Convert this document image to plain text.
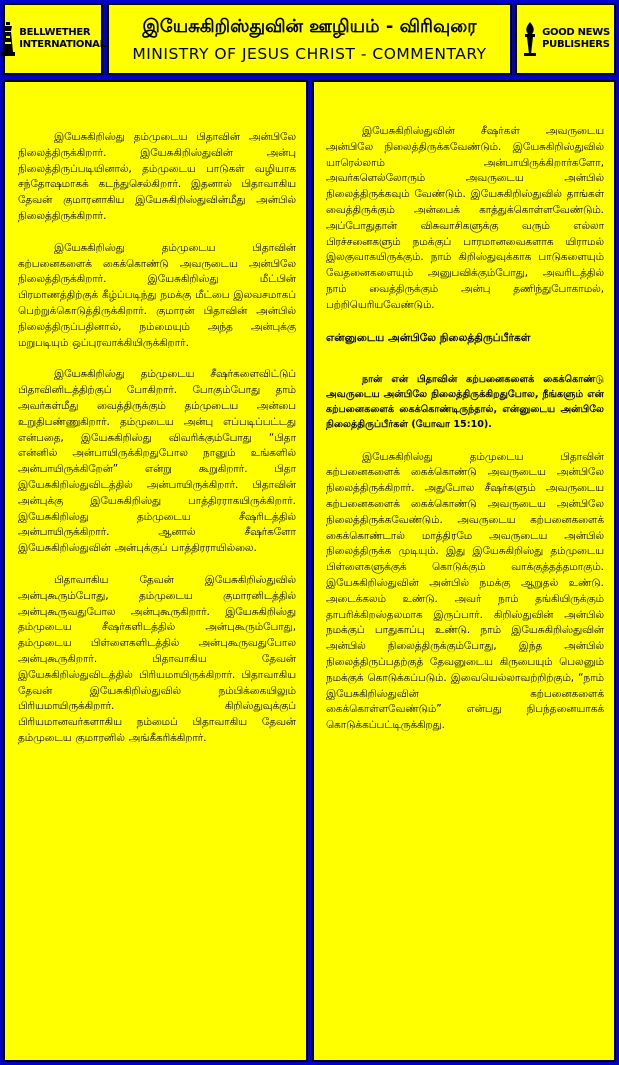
BELLWETHER
INTERNATIONAL
இயேசுகிறிஸ்துவின் ஊழியம் - விரிவுரை
MINISTRY OF JESUS CHRIST - COMMENTARY
GOOD NEWS
PUBLISHERS

இயேசுகிறிஸ்து தம்முடைய பிதாவின் அன்பிலே நிலைத்திருக்கிறார். இயேசுகிறிஸ்துவின் அன்பு நிலைத்திருப்படியினால், தம்முடைய பாடுகள் வழியாக சந்தோஷமாகக் கடந்துசெல்கிறார். இதனால் பிதாவாகிய தேவன் குமாரனாகிய இயேசுகிறிஸ்துவின்மீது அன்பில் நிலைத்திருக்கிறார்.

இயேசுகிறிஸ்து தம்முடைய பிதாவின் கற்பனைகளைக் கைக்கொண்டு அவருடைய அன்பிலே நிலைத்திருக்கிறார். இயேசுகிறிஸ்து மீட்பின் பிரமாணத்திற்குக் கீழ்ப்படிந்து நமக்கு மீட்பை இலவசமாகப் பெற்றுக்கொடுத்திருக்கிறார். குமாரன் பிதாவின் அன்பில் நிலைத்திருப்பதினால், நம்மையும் அந்த அன்புக்கு மறுபடியும் ஒப்புரவாக்கியிருக்கிறார்.

இயேசுகிறிஸ்து தம்முடைய சீஷர்களைவிட்டுப் பிதாவினிடத்திற்குப் போகிறார். போகும்போது தாம் அவர்கள்மீது வைத்திருக்கும் தம்முடைய அன்பை உறுதிபண்ணுகிறார். தம்முடைய அன்பு எப்படிப்பட்டது என்பதை, இயேசுகிறிஸ்து விவரிக்கும்போது “பிதா என்னில் அன்பாயிருக்கிறதுபோல நானும் உங்களில் அன்பாயிருக்கிறேன்” என்று கூறுகிறார். பிதா இயேசுகிறிஸ்துவிடத்தில் அன்பாயிருக்கிறார். பிதாவின் அன்புக்கு இயேசுகிறிஸ்து பாத்திரராகயிருக்கிறார். இயேசுகிறிஸ்து தம்முடைய சீஷரிடத்தில் அன்பாயிருக்கிறார். ஆனால் சீஷர்களோ இயேசுகிறிஸ்துவின் அன்புக்குப் பாத்திரராயில்லை.

பிதாவாகிய தேவன் இயேசுகிறிஸ்துவில் அன்புகூரும்போது, தம்முடைய குமாரனிடத்தில் அன்புகூருவதுபோல அன்புகூருகிறார். இயேசுகிறிஸ்து தம்முடைய சீஷர்களிடத்தில் அன்புகூரும்போது, தம்முடைய பிள்ளைகளிடத்தில் அன்புகூருவதுபோல அன்புகூருகிறார். பிதாவாகிய தேவன் இயேசுகிறிஸ்துவிடத்தில் பிரியமாயிருக்கிறார். பிதாவாகிய தேவன் இயேசுகிறிஸ்துவில் நம்பிக்கையிலும் பிரியமாயிருக்கிறார். கிறிஸ்துவுக்குப் பிரியமானவர்களாகிய நம்மைப் பிதாவாகிய தேவன் தம்முடைய குமாரனில் அங்கீகரிக்கிறார்.

இயேசுகிறிஸ்துவின் சீஷர்கள் அவருடைய அன்பிலே நிலைத்திருக்கவேண்டும். இயேசுகிறிஸ்துவில் யாரெல்லாம் அன்பாயிருக்கிறார்களோ, அவர்களெல்லோரும் அவருடைய அன்பில் நிலைத்திருக்கவும் வேண்டும். இயேசுகிறிஸ்துவில் தாங்கள் வைத்திருக்கும் அன்பைக் காத்துக்கொள்ளவேண்டும். அப்போதுதான் விசுவாசிகளுக்கு வரும் எல்லா பிரச்சனைகளும் நமக்குப் பாரமானவைகளாக யிராமல் இலகுவாகயிருக்கும். நாம் கிறிஸ்துவுக்காக பாடுகளையும் வேதனைகளையும் அனுபவிக்கும்போது, அவரிடத்தில் நாம் வைத்திருக்கும் அன்பு தணிந்துபோகாமல், பற்றியெரியவேண்டும்.

என்னுடைய அன்பிலே நிலைத்திருப்பீர்கள்

நான் என் பிதாவின் கற்பனைகளைக் கைக்கொண்டு அவருடைய அன்பிலே நிலைத்திருக்கிறதுபோல, நீங்களும் என் கற்பனைகளைக் கைக்கொண்டிருந்தால், என்னுடைய அன்பிலே நிலைத்திருப்பீர்கள் (யோவா 15:10).

இயேசுகிறிஸ்து தம்முடைய பிதாவின் கற்பனைகளைக் கைக்கொண்டு அவருடைய அன்பிலே நிலைத்திருக்கிறார். அதுபோல சீஷர்களும் அவருடைய கற்பனைகளைக் கைக்கொண்டு அவருடைய அன்பிலே நிலைத்திருக்கவேண்டும். அவருடைய கற்பனைகளைக் கைக்கொண்டால் மாத்திரமே அவருடைய அன்பில் நிலைத்திருக்க முடியும். இது இயேசுகிறிஸ்து தம்முடைய பிள்ளைகளுக்குக் கொடுக்கும் வாக்குத்தத்தமாகும். இயேசுகிறிஸ்துவின் அன்பில் நமக்கு ஆறுதல் உண்டு. அடைக்கலம் உண்டு. அவர் நாம் தங்கியிருக்கும் தாபரிக்கிறஸ்தலமாக இருப்பார். கிறிஸ்துவின் அன்பில் நமக்குப் பாதுகாப்பு உண்டு. நாம் இயேசுகிறிஸ்துவின் அன்பில் நிலைத்திருக்கும்போது, இந்த அன்பில் நிலைத்திருப்பதற்குத் தேவனுடைய கிருபையும் பெலனும் நமக்குக் கொடுக்கப்படும். இவையெல்லாவற்றிற்கும், “நாம் இயேசுகிறிஸ்துவின் கற்பனைகளைக் கைக்கொள்ளவேண்டும்” என்பது நிபந்தனையாகக் கொடுக்கப்பட்டிருக்கிறது.
